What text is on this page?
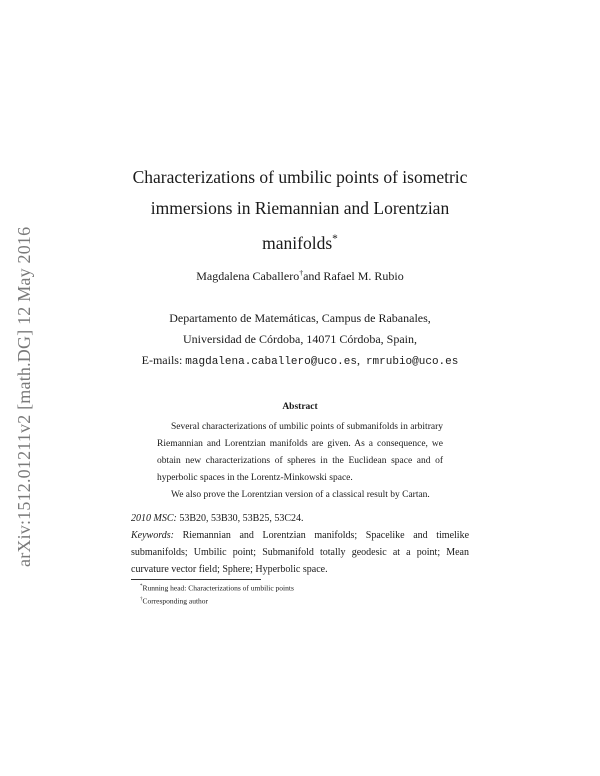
arXiv:1512.01211v2 [math.DG] 12 May 2016
Characterizations of umbilic points of isometric
immersions in Riemannian and Lorentzian
manifolds*
Magdalena Caballero†and Rafael M. Rubio
Departamento de Matemáticas, Campus de Rabanales,
Universidad de Córdoba, 14071 Córdoba, Spain,
E-mails: magdalena.caballero@uco.es,  rmrubio@uco.es
Abstract

Several characterizations of umbilic points of submanifolds in arbitrary Riemannian and Lorentzian manifolds are given. As a consequence, we obtain new characterizations of spheres in the Euclidean space and of hyperbolic spaces in the Lorentz-Minkowski space.

We also prove the Lorentzian version of a classical result by Cartan.

2010 MSC: 53B20, 53B30, 53B25, 53C24.

Keywords: Riemannian and Lorentzian manifolds; Spacelike and timelike submanifolds; Umbilic point; Submanifold totally geodesic at a point; Mean curvature vector field; Sphere; Hyperbolic space.

*Running head: Characterizations of umbilic points

†Corresponding author
